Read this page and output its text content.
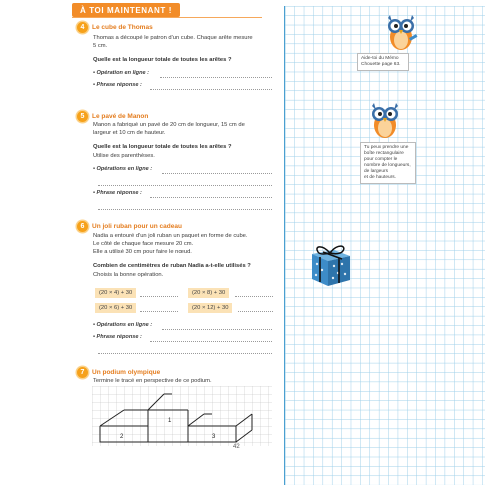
À TOI MAINTENANT !
4	Le cube de Thomas
Thomas a découpé le patron d'un cube. Chaque arête mesure
5 cm.
Quelle est la longueur totale de toutes les arêtes ?
• Opération en ligne :
• Phrase réponse :
5	Le pavé de Manon
Manon a fabriqué un pavé de 20 cm de longueur, 15 cm de
largeur et 10 cm de hauteur.
Quelle est la longueur totale de toutes les arêtes ?
Utilise des parenthèses.
• Opérations en ligne :
• Phrase réponse :
6	Un joli ruban pour un cadeau
Nadia a entouré d'un joli ruban un paquet en forme de cube.
Le côté de chaque face mesure 20 cm.
Elle a utilisé 30 cm pour faire le nœud.
Combien de centimètres de ruban Nadia a-t-elle utilisés ?
Choisis la bonne opération.
(20 × 4) + 30	(20 × 8) + 30
(20 × 6) + 30	(20 × 12) + 30
• Opérations en ligne :
• Phrase réponse :
7	Un podium olympique
Termine le tracé en perspective de ce podium.
1
2	3
Aide-toi du Mémo
Chouette page 63.
Tu peux prendre une
boîte rectangulaire
pour compter le
nombre de longueurs,
de largeurs
et de hauteurs.
42
